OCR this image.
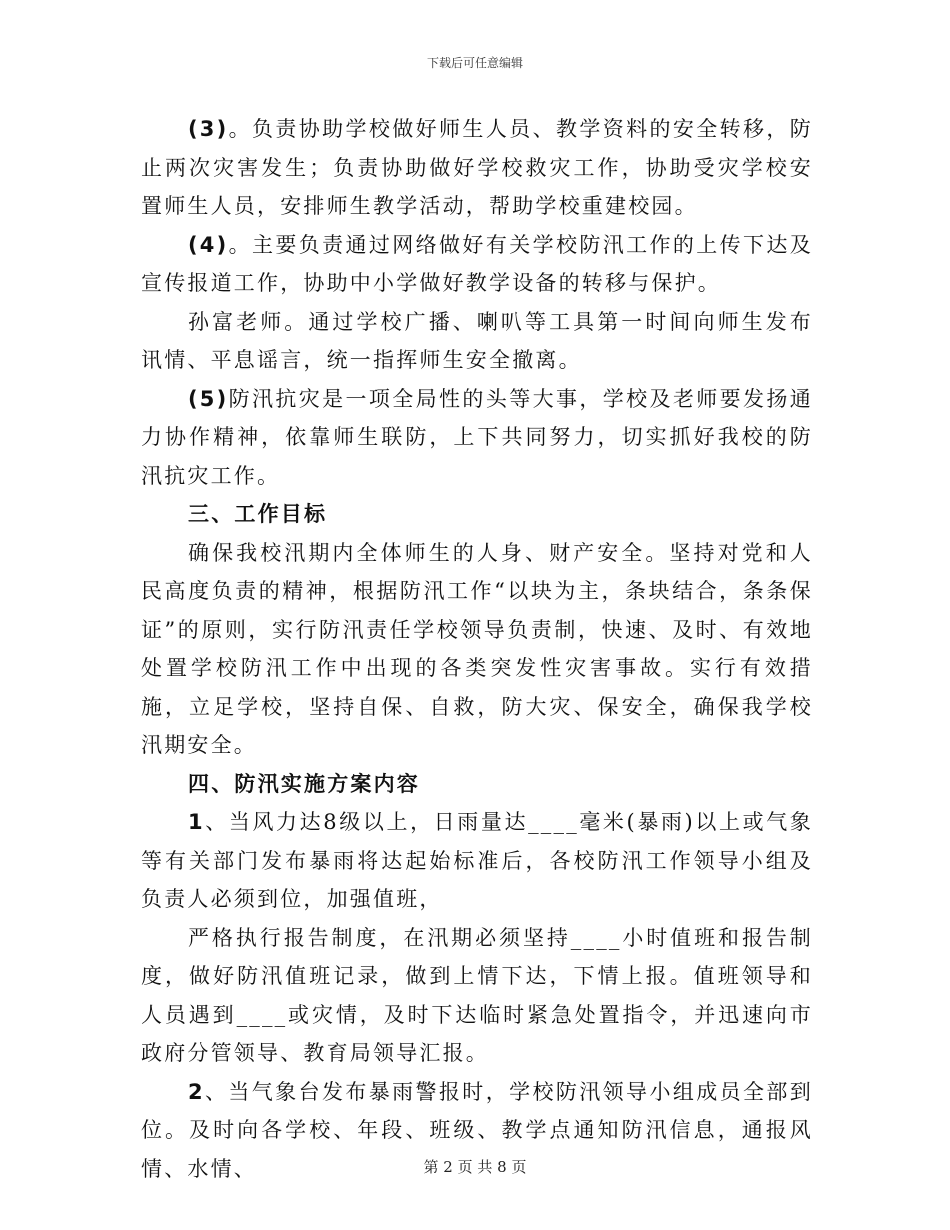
下载后可任意编辑

(3)。负责协助学校做好师生人员、教学资料的安全转移，防止两次灾害发生；负责协助做好学校救灾工作，协助受灾学校安置师生人员，安排师生教学活动，帮助学校重建校园。

(4)。主要负责通过网络做好有关学校防汛工作的上传下达及宣传报道工作，协助中小学做好教学设备的转移与保护。

孙富老师。通过学校广播、喇叭等工具第一时间向师生发布讯情、平息谣言，统一指挥师生安全撤离。

(5)防汛抗灾是一项全局性的头等大事，学校及老师要发扬通力协作精神，依靠师生联防，上下共同努力，切实抓好我校的防汛抗灾工作。

三、工作目标

确保我校汛期内全体师生的人身、财产安全。坚持对党和人民高度负责的精神，根据防汛工作“以块为主，条块结合，条条保证”的原则，实行防汛责任学校领导负责制，快速、及时、有效地处置学校防汛工作中出现的各类突发性灾害事故。实行有效措施，立足学校，坚持自保、自救，防大灾、保安全，确保我学校汛期安全。

四、防汛实施方案内容

1、当风力达8级以上，日雨量达____毫米(暴雨)以上或气象等有关部门发布暴雨将达起始标准后，各校防汛工作领导小组及负责人必须到位，加强值班，

严格执行报告制度，在汛期必须坚持____小时值班和报告制度，做好防汛值班记录，做到上情下达，下情上报。值班领导和人员遇到____或灾情，及时下达临时紧急处置指令，并迅速向市政府分管领导、教育局领导汇报。

2、当气象台发布暴雨警报时，学校防汛领导小组成员全部到位。及时向各学校、年段、班级、教学点通知防汛信息，通报风情、水情、	第 2 页 共 8 页
